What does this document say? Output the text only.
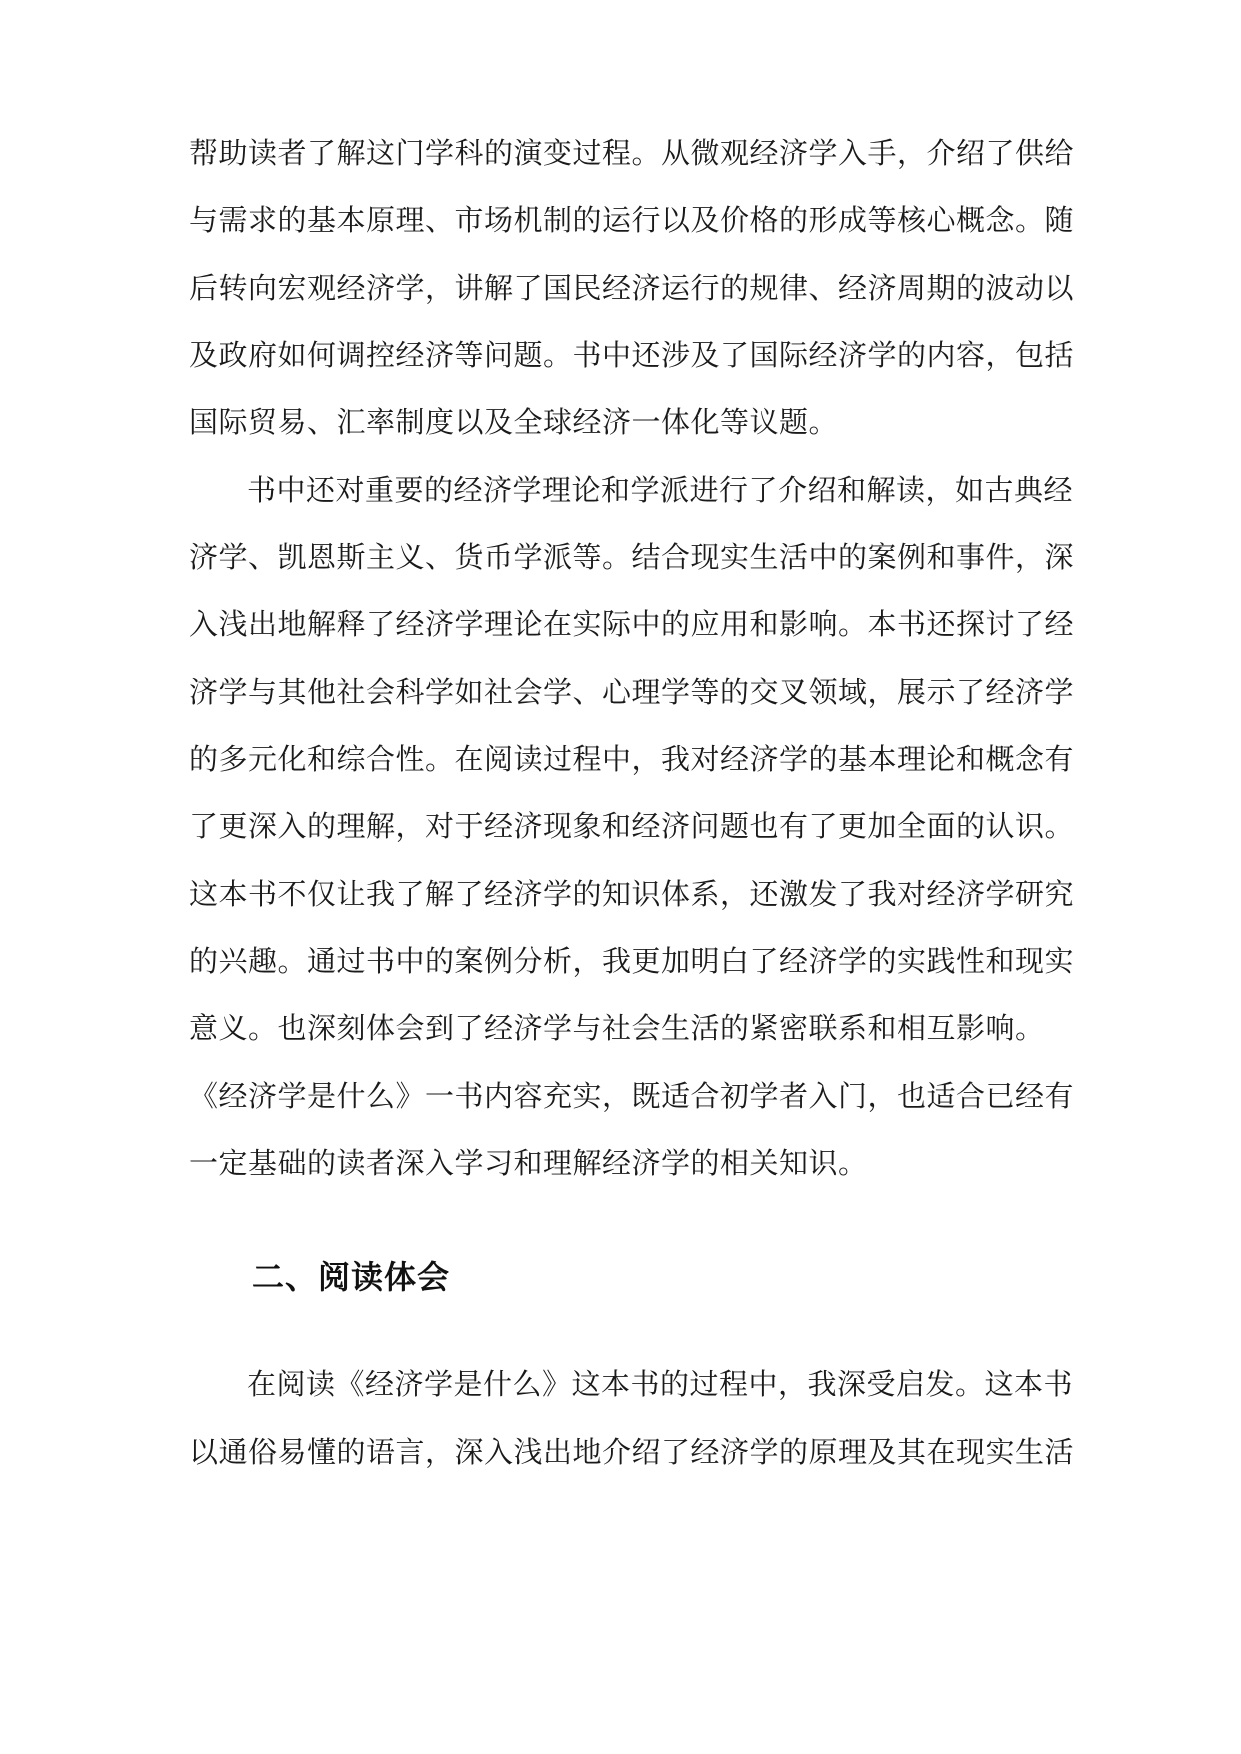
帮助读者了解这门学科的演变过程。从微观经济学入手，介绍了供给
与需求的基本原理、市场机制的运行以及价格的形成等核心概念。随
后转向宏观经济学，讲解了国民经济运行的规律、经济周期的波动以
及政府如何调控经济等问题。书中还涉及了国际经济学的内容，包括
国际贸易、汇率制度以及全球经济一体化等议题。
书中还对重要的经济学理论和学派进行了介绍和解读，如古典经
济学、凯恩斯主义、货币学派等。结合现实生活中的案例和事件，深
入浅出地解释了经济学理论在实际中的应用和影响。本书还探讨了经
济学与其他社会科学如社会学、心理学等的交叉领域，展示了经济学
的多元化和综合性。在阅读过程中，我对经济学的基本理论和概念有
了更深入的理解，对于经济现象和经济问题也有了更加全面的认识。
这本书不仅让我了解了经济学的知识体系，还激发了我对经济学研究
的兴趣。通过书中的案例分析，我更加明白了经济学的实践性和现实
意义。也深刻体会到了经济学与社会生活的紧密联系和相互影响。
《经济学是什么》一书内容充实，既适合初学者入门，也适合已经有
一定基础的读者深入学习和理解经济学的相关知识。
二、阅读体会
在阅读《经济学是什么》这本书的过程中，我深受启发。这本书
以通俗易懂的语言，深入浅出地介绍了经济学的原理及其在现实生活
